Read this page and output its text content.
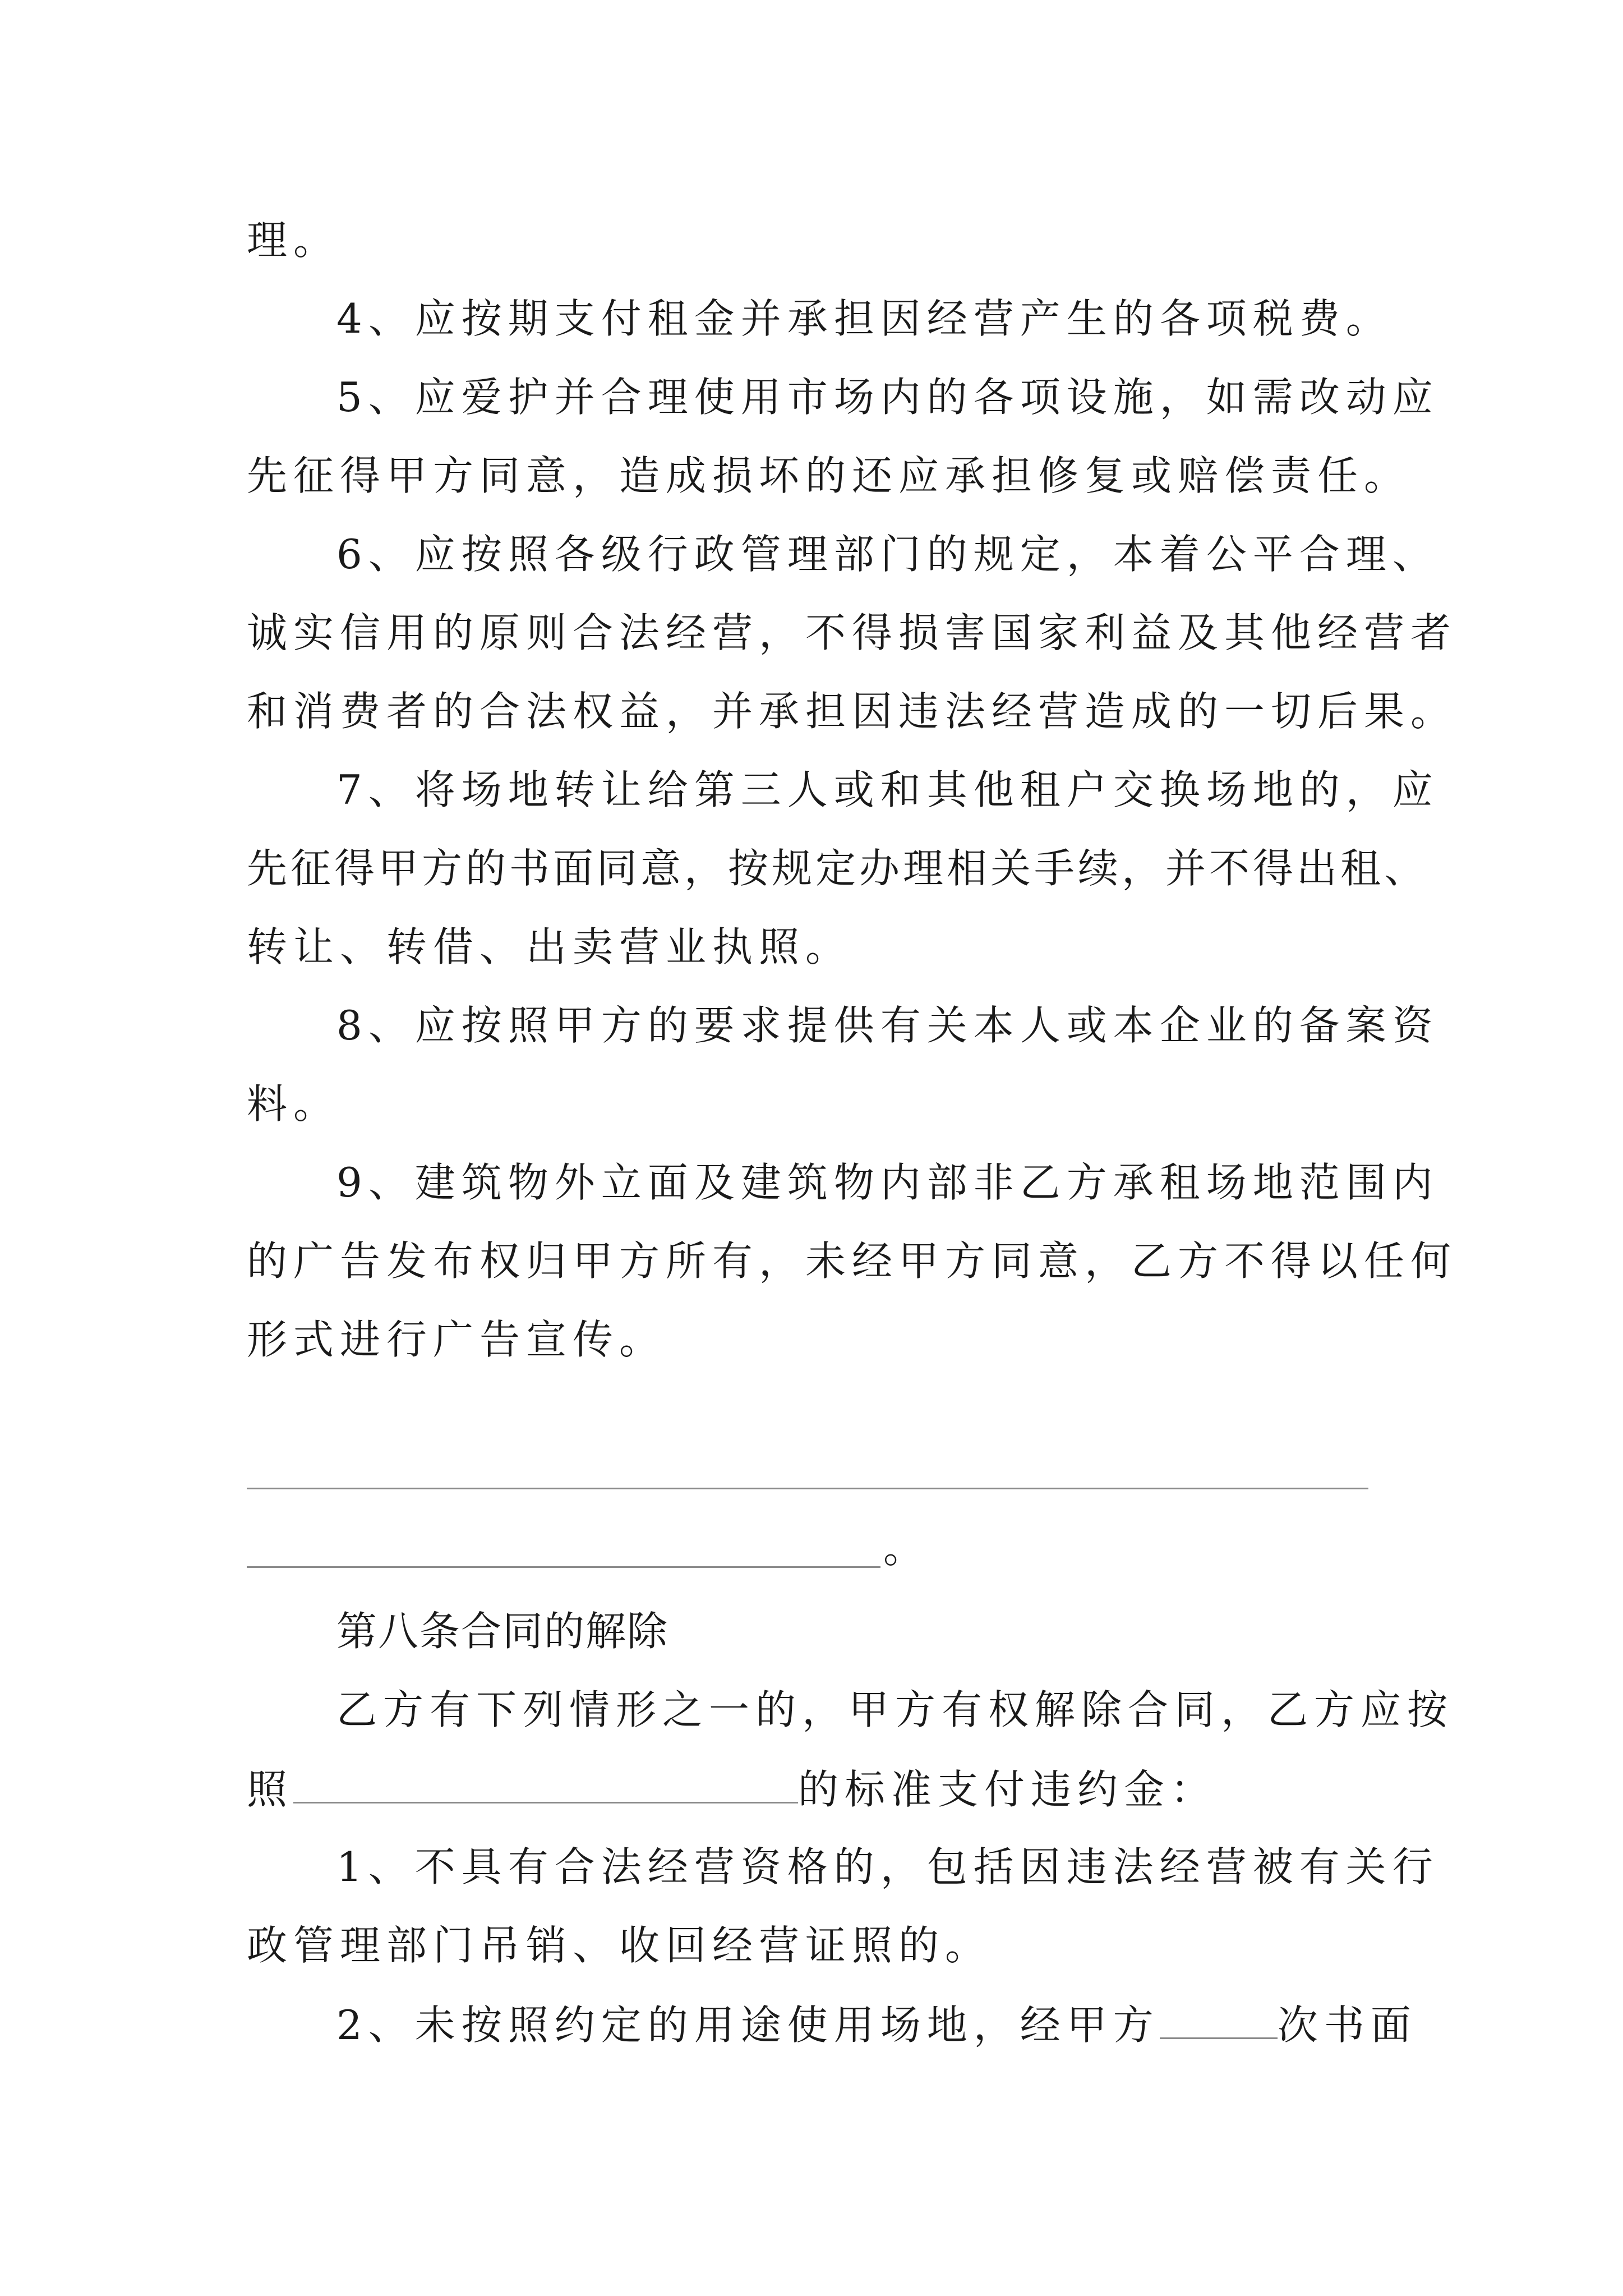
理。
4、应按期支付租金并承担因经营产生的各项税费。
5、应爱护并合理使用市场内的各项设施，如需改动应
先征得甲方同意，造成损坏的还应承担修复或赔偿责任。
6、应按照各级行政管理部门的规定，本着公平合理、
诚实信用的原则合法经营，不得损害国家利益及其他经营者
和消费者的合法权益，并承担因违法经营造成的一切后果。
7、将场地转让给第三人或和其他租户交换场地的，应
先征得甲方的书面同意，按规定办理相关手续，并不得出租、
转让、转借、出卖营业执照。
8、应按照甲方的要求提供有关本人或本企业的备案资
料。
9、建筑物外立面及建筑物内部非乙方承租场地范围内
的广告发布权归甲方所有，未经甲方同意，乙方不得以任何
形式进行广告宣传。
。
第八条合同的解除
乙方有下列情形之一的，甲方有权解除合同，乙方应按
照	的标准支付违约金：
1、不具有合法经营资格的，包括因违法经营被有关行
政管理部门吊销、收回经营证照的。
2、未按照约定的用途使用场地，经甲方	次书面
